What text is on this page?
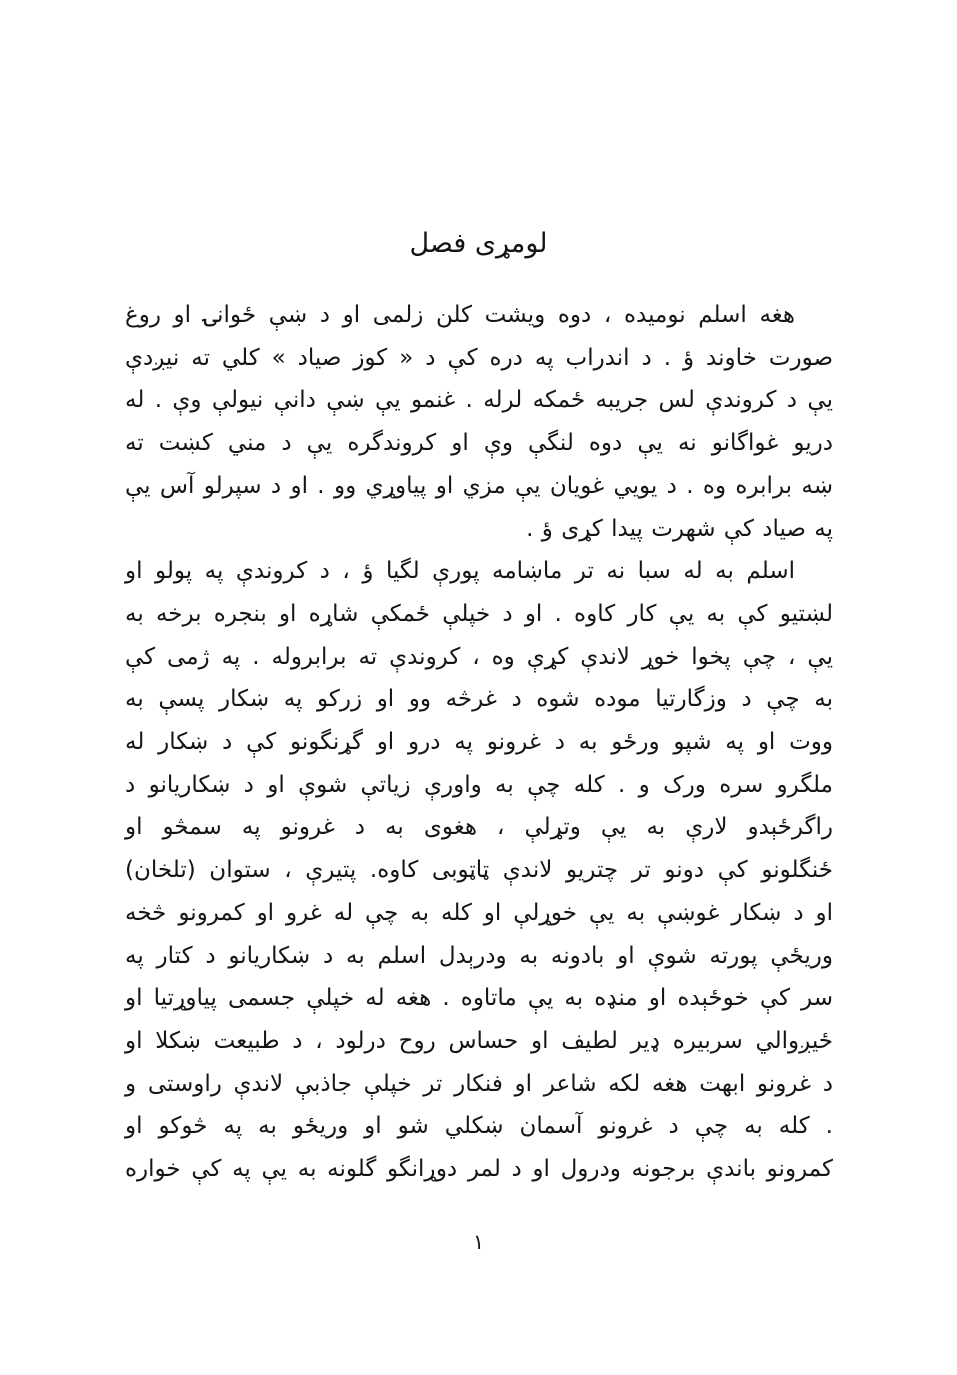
لومړی فصل
هغه اسلم نومیده ، دوه ویشت کلن زلمی او د ښې ځوانۍ او روغ
صورت خاوند ؤ . د اندراب په دره کې د « کوز صیاد » کلي ته نیږدې
یې د کروندې لس جریبه ځمکه لرله . غنمو یې ښې دانې نیولې وې . له
دریو غواگانو نه یې دوه لنگې وې او کروندگره یې د مني کښت ته
ښه برابره وه . د یویي غویان یې مزي او پیاوړي وو . او د سپرلو آس یې
په صیاد کې شهرت پیدا کړی ؤ .
اسلم به له سبا نه تر ماښامه پورې لگیا ؤ ، د کروندې په پولو او
لښتیو کې به یې کار کاوه . او د خپلې ځمکې شاړه او بنجره برخه به
یې ، چې پخوا خوړ لاندې کړې وه ، کروندې ته برابروله . په ژمی کې
به چې د وزگارتیا موده شوه د غرڅه وو او زرکو په ښکار پسې به
ووت او په شپو ورځو به د غرونو په درو او گړنگونو کې د ښکار له
ملگرو سره ورک و . کله چې به واورې زیاتې شوې او د ښکاریانو د
راگرځېدو لارې به یې وتړلې ، هغوی به د غرونو په سمڅو او
ځنگلونو کې دونو تر چتریو لاندې ټاټوبی کاوه. پتیرې ، ستوان (تلخان)
او د ښکار غوښې به یې خوړلې او کله به چې له غرو او کمرونو څخه
وریځې پورته شوې او بادونه به ودرېدل اسلم به د ښکاریانو د کتار په
سر کې خوځېده او منډه به یې ماتاوه . هغه له خپلې جسمی پیاوړتیا او
ځیږوالي سربیره ډیر لطیف او حساس روح درلود ، د طبیعت ښکلا او
د غرونو ابهت هغه لکه شاعر او فنکار تر خپلې جاذبې لاندې راوستی و
. کله به چې د غرونو آسمان ښکلي شو او وریځو به په څوکو او
کمرونو باندې برجونه ودرول او د لمر دوړانگو گلونه به یې په کې خواره
١
